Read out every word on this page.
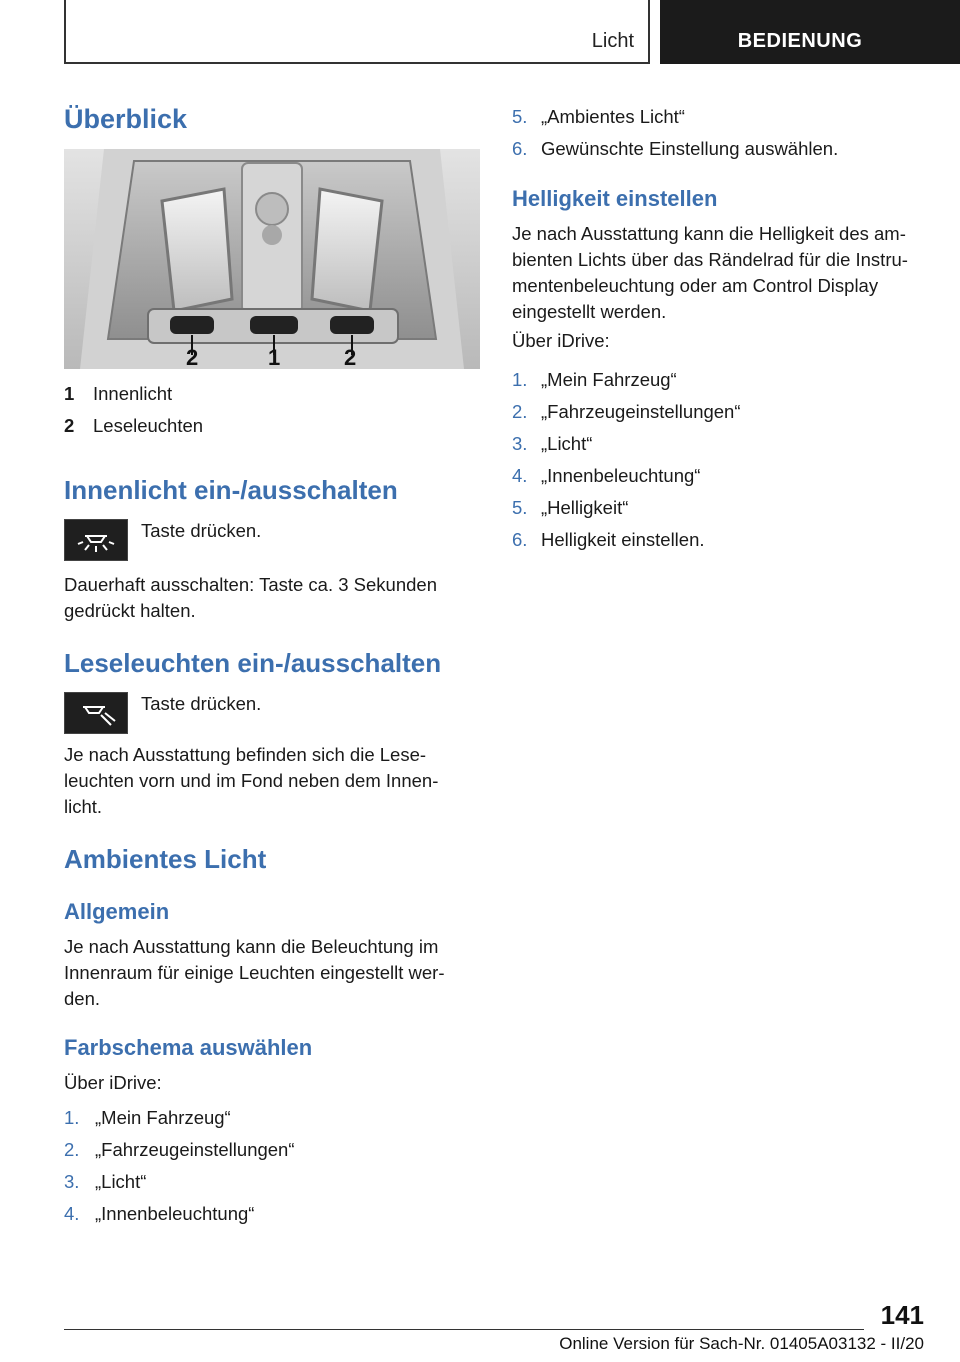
Licht	BEDIENUNG
Überblick
2	1	2
1 Innenlicht
2 Leseleuchten
Innenlicht ein-/ausschalten

Taste drücken.

Dauerhaft ausschalten: Taste ca. 3 Sekunden gedrückt halten.

Leseleuchten ein-/ausschalten

Taste drücken.

Je nach Ausstattung befinden sich die Lese-leuchten vorn und im Fond neben dem Innen-licht.

Ambientes Licht
Allgemein

Je nach Ausstattung kann die Beleuchtung im Innenraum für einige Leuchten eingestellt wer-den.

Farbschema auswählen

Über iDrive:

1. „Mein Fahrzeug“
2. „Fahrzeugeinstellungen“
3. „Licht“
4. „Innenbeleuchtung“
5. „Ambientes Licht“
6. Gewünschte Einstellung auswählen.
Helligkeit einstellen

Je nach Ausstattung kann die Helligkeit des am-bienten Lichts über das Rändelrad für die Instru-mentenbeleuchtung oder am Control Display eingestellt werden.

Über iDrive:

1. „Mein Fahrzeug“
2. „Fahrzeugeinstellungen“
3. „Licht“
4. „Innenbeleuchtung“
5. „Helligkeit“
6. Helligkeit einstellen.
141
Online Version für Sach-Nr. 01405A03132 - II/20
